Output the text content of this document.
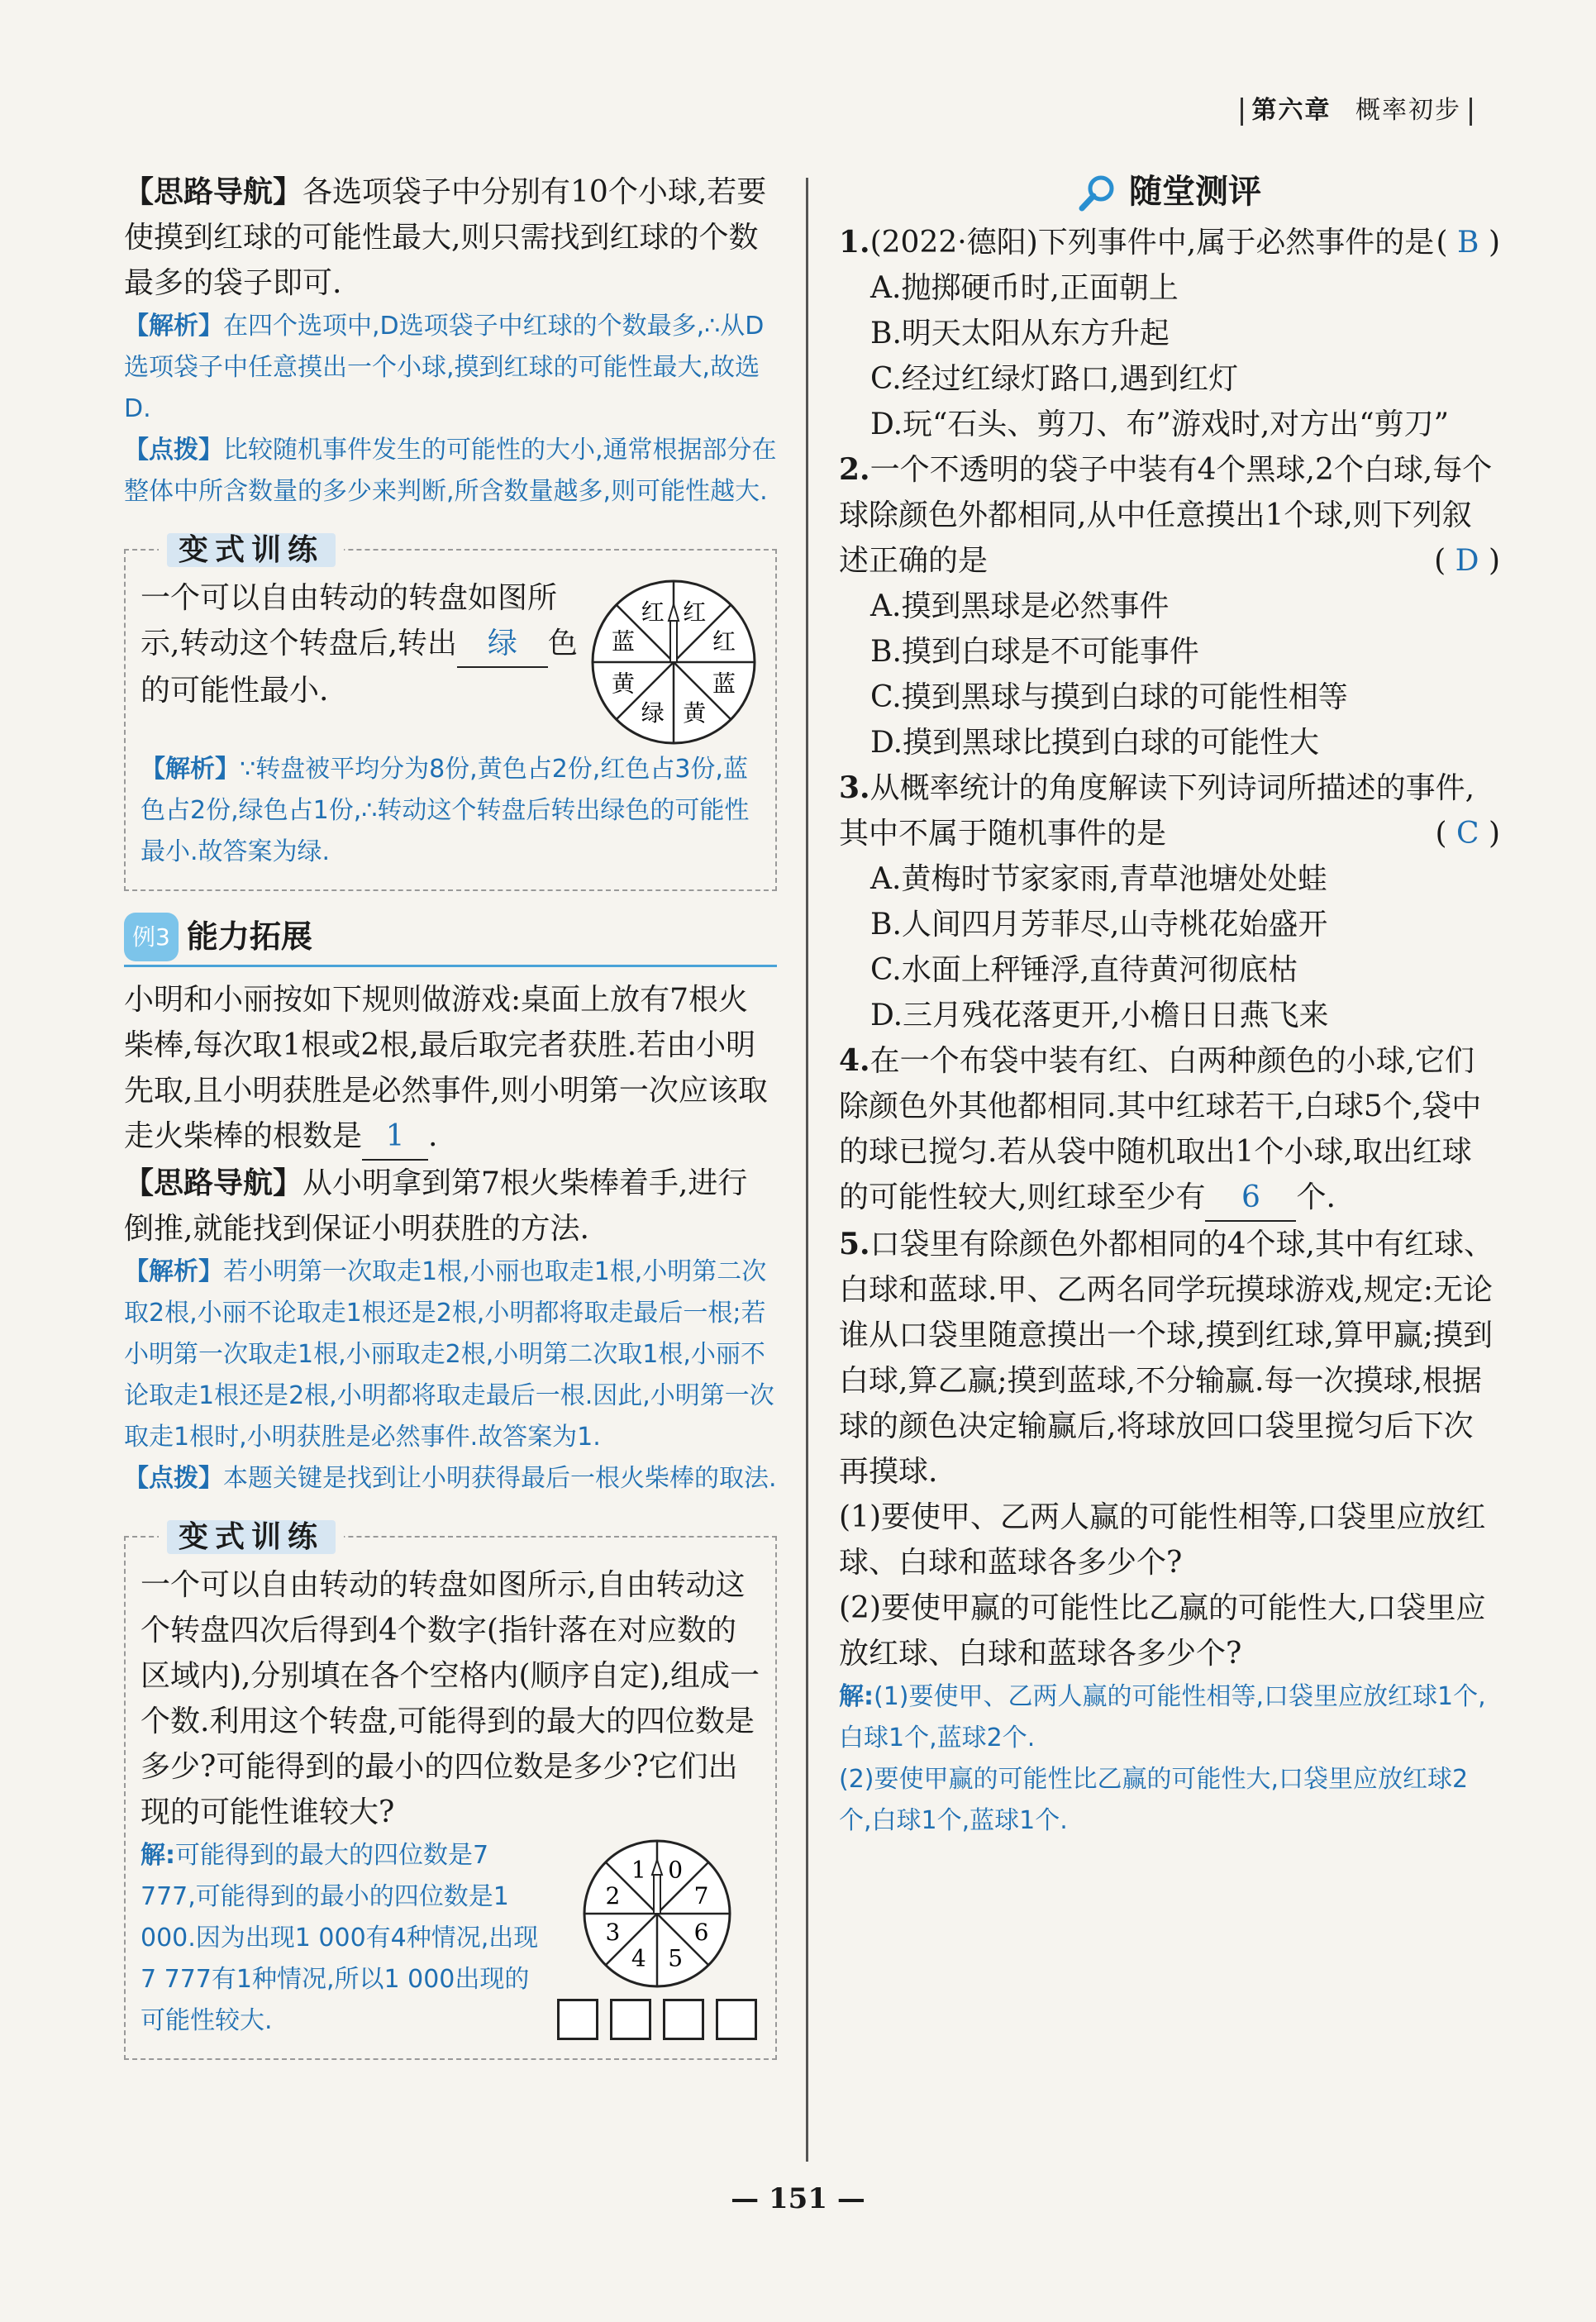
第六章 概率初步

【思路导航】各选项袋子中分别有10个小球,若要使摸到红球的可能性最大,则只需找到红球的个数最多的袋子即可.

【解析】在四个选项中,D选项袋子中红球的个数最多,∴从D选项袋子中任意摸出一个小球,摸到红球的可能性最大,故选D.

【点拨】比较随机事件发生的可能性的大小,通常根据部分在整体中所含数量的多少来判断,所含数量越多,则可能性越大.

变式训练

一个可以自由转动的转盘如图所示,转动这个转盘后,转出 绿 色的可能性最小.

红
红
蓝
黄
绿
黄
蓝
红

【解析】∵转盘被平均分为8份,黄色占2份,红色占3份,蓝色占2份,绿色占1份,∴转动这个转盘后转出绿色的可能性最小.故答案为绿.

例3 能力拓展

小明和小丽按如下规则做游戏:桌面上放有7根火柴棒,每次取1根或2根,最后取完者获胜.若由小明先取,且小明获胜是必然事件,则小明第一次应该取走火柴棒的根数是 1 .

【思路导航】从小明拿到第7根火柴棒着手,进行倒推,就能找到保证小明获胜的方法.

【解析】若小明第一次取走1根,小丽也取走1根,小明第二次取2根,小丽不论取走1根还是2根,小明都将取走最后一根;若小明第一次取走1根,小丽取走2根,小明第二次取1根,小丽不论取走1根还是2根,小明都将取走最后一根.因此,小明第一次取走1根时,小明获胜是必然事件.故答案为1.

【点拨】本题关键是找到让小明获得最后一根火柴棒的取法.

变式训练

一个可以自由转动的转盘如图所示,自由转动这个转盘四次后得到4个数字(指针落在对应数的区域内),分别填在各个空格内(顺序自定),组成一个数.利用这个转盘,可能得到的最大的四位数是多少?可能得到的最小的四位数是多少?它们出现的可能性谁较大?

解:可能得到的最大的四位数是7 777,可能得到的最小的四位数是1 000.因为出现1 000有4种情况,出现7 777有1种情况,所以1 000出现的可能性较大.

0
7
6
5
4
3
2
1
随堂测评

1.(2022·德阳)下列事件中,属于必然事件的是 ( B )

A.抛掷硬币时,正面朝上

B.明天太阳从东方升起

C.经过红绿灯路口,遇到红灯

D.玩“石头、剪刀、布”游戏时,对方出“剪刀”

2.一个不透明的袋子中装有4个黑球,2个白球,每个球除颜色外都相同,从中任意摸出1个球,则下列叙述正确的是	( D )

A.摸到黑球是必然事件

B.摸到白球是不可能事件

C.摸到黑球与摸到白球的可能性相等

D.摸到黑球比摸到白球的可能性大

3.从概率统计的角度解读下列诗词所描述的事件,其中不属于随机事件的是	( C )

A.黄梅时节家家雨,青草池塘处处蛙

B.人间四月芳菲尽,山寺桃花始盛开

C.水面上秤锤浮,直待黄河彻底枯

D.三月残花落更开,小檐日日燕飞来

4.在一个布袋中装有红、白两种颜色的小球,它们除颜色外其他都相同.其中红球若干,白球5个,袋中的球已搅匀.若从袋中随机取出1个小球,取出红球的可能性较大,则红球至少有 6 个.

5.口袋里有除颜色外都相同的4个球,其中有红球、白球和蓝球.甲、乙两名同学玩摸球游戏,规定:无论谁从口袋里随意摸出一个球,摸到红球,算甲赢;摸到白球,算乙赢;摸到蓝球,不分输赢.每一次摸球,根据球的颜色决定输赢后,将球放回口袋里搅匀后下次再摸球.

(1)要使甲、乙两人赢的可能性相等,口袋里应放红球、白球和蓝球各多少个?

(2)要使甲赢的可能性比乙赢的可能性大,口袋里应放红球、白球和蓝球各多少个?

解:(1)要使甲、乙两人赢的可能性相等,口袋里应放红球1个,白球1个,蓝球2个.

(2)要使甲赢的可能性比乙赢的可能性大,口袋里应放红球2个,白球1个,蓝球1个.

— 151 —
